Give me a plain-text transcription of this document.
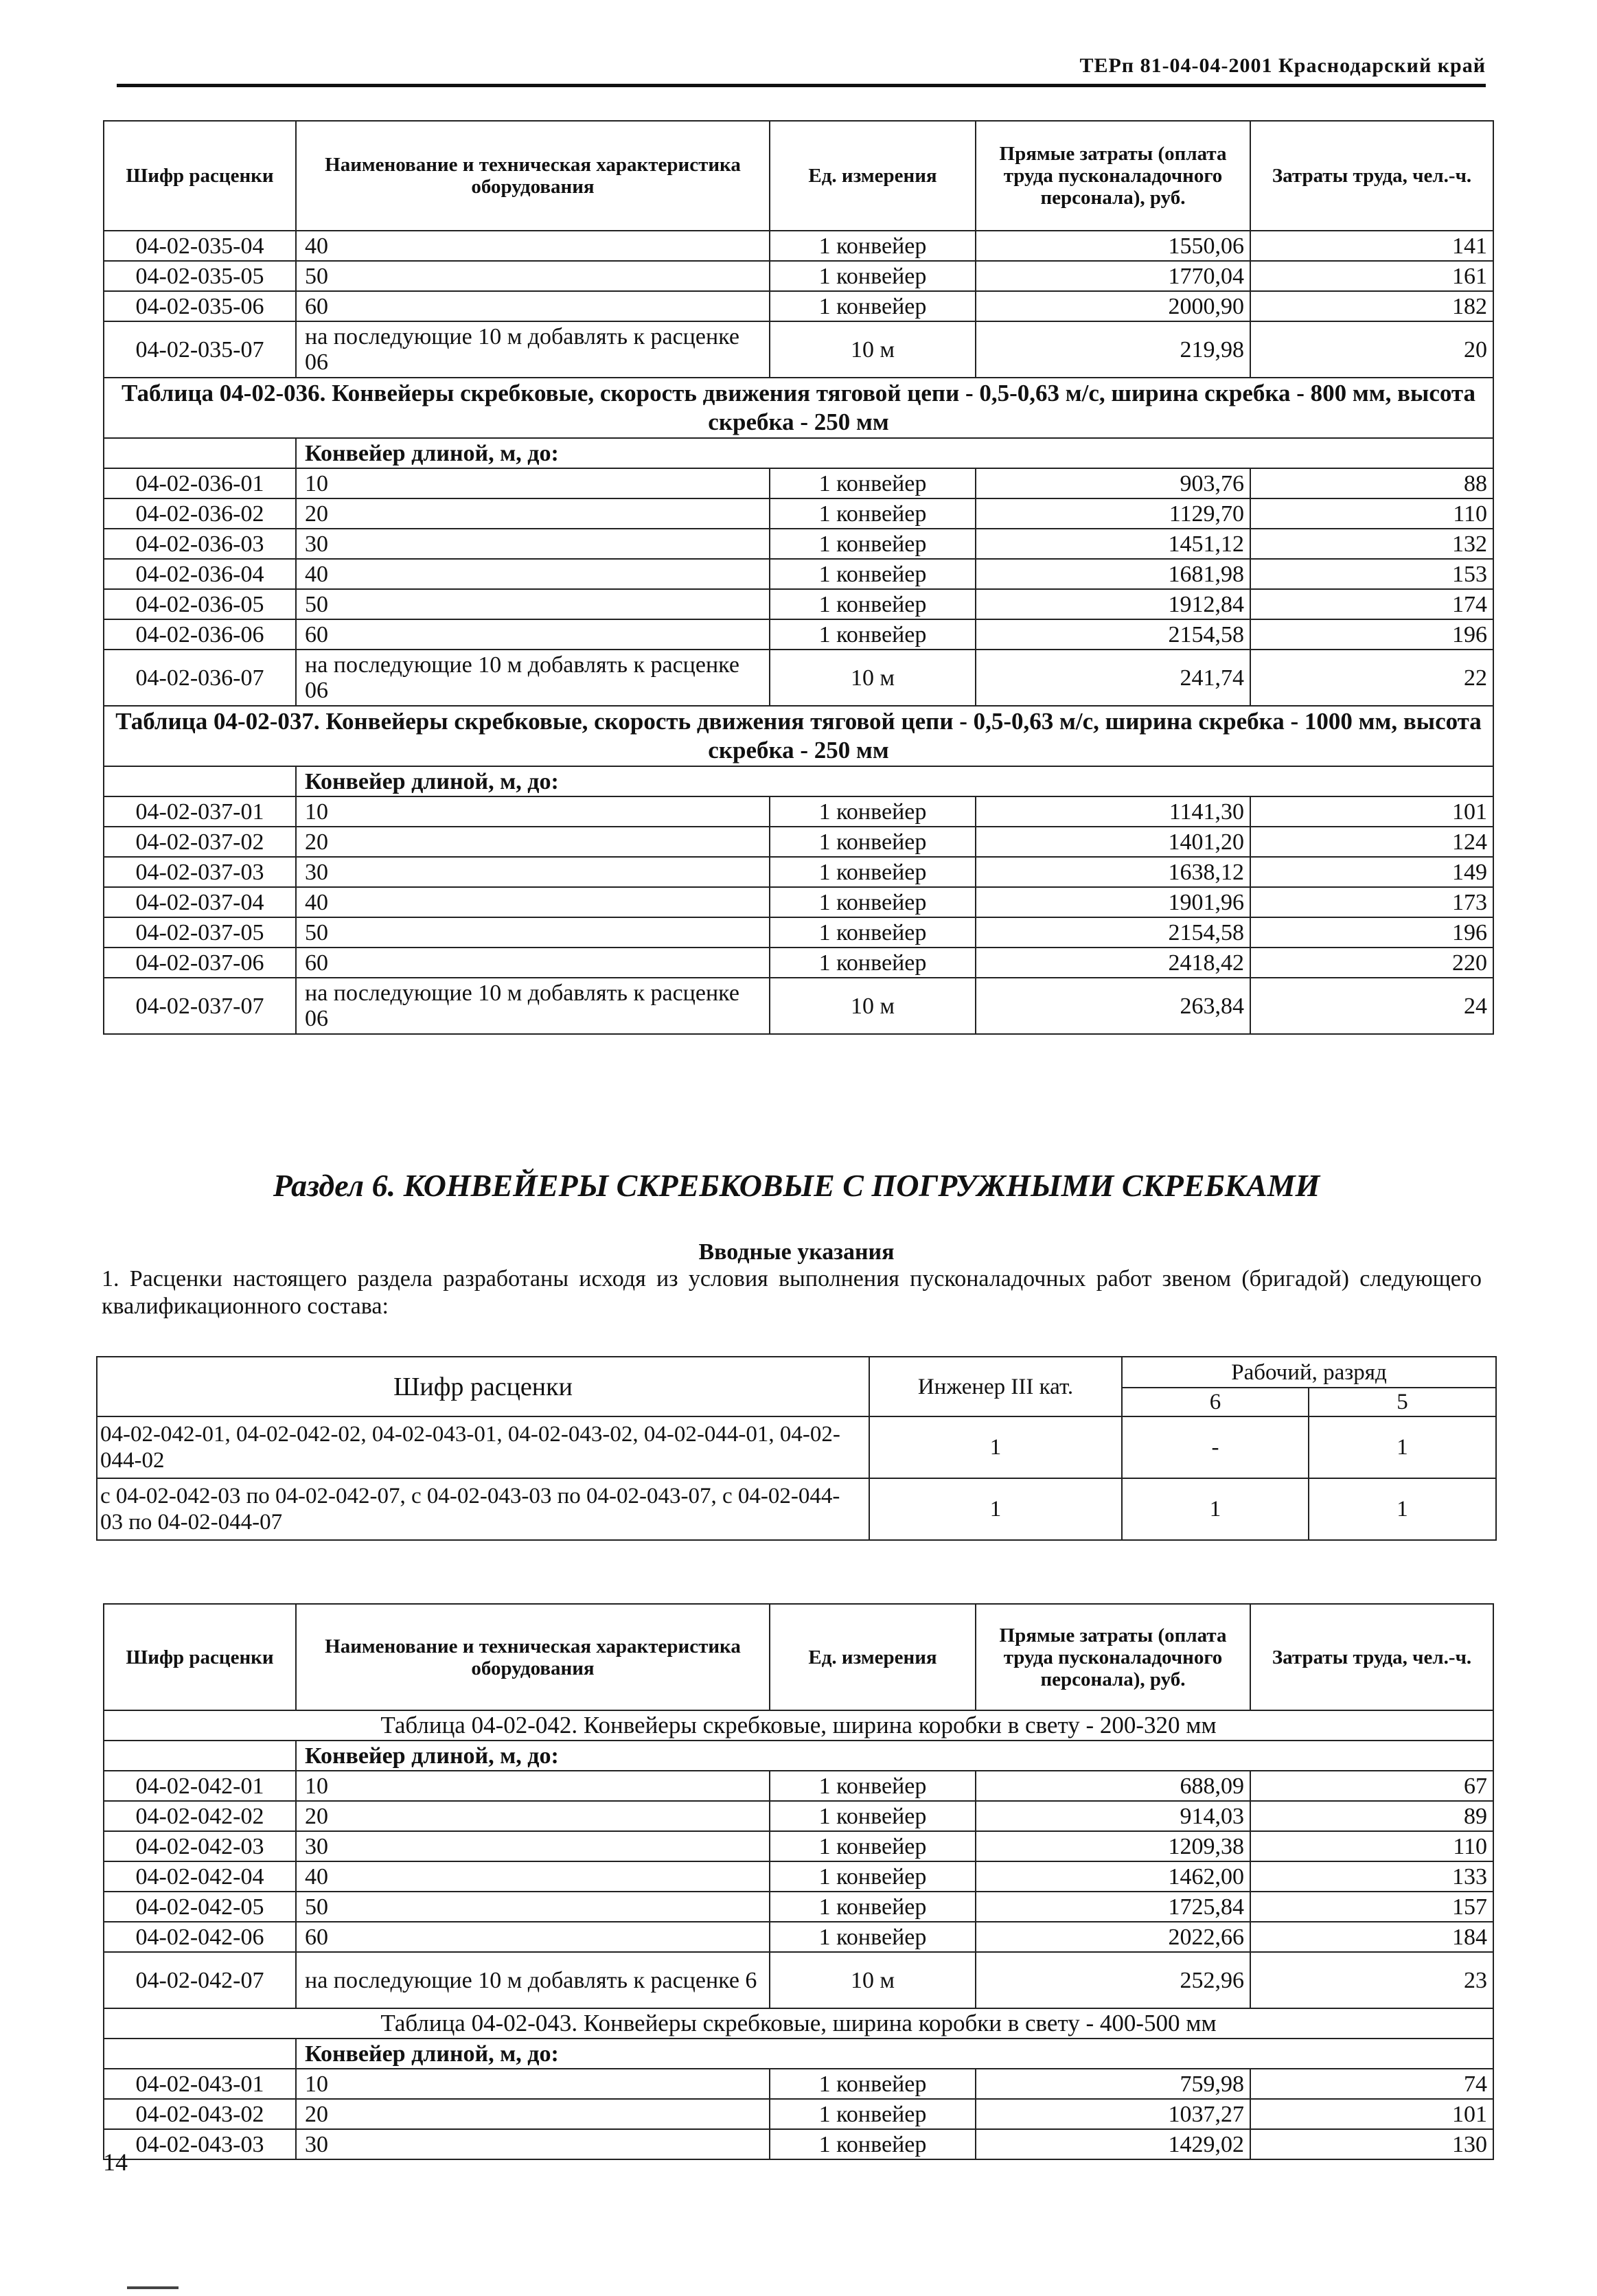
ТЕРп 81-04-04-2001 Краснодарский край
Шифр расценки	Наименование и техническая характеристика оборудования	Ед. измерения	Прямые затраты (оплата труда пусконаладочного персонала), руб.	Затраты труда, чел.-ч.
04-02-035-04	40	1 конвейер	1550,06	141
04-02-035-05	50	1 конвейер	1770,04	161
04-02-035-06	60	1 конвейер	2000,90	182
04-02-035-07	на последующие 10 м добавлять к расценке 06	10 м	219,98	20
Таблица 04-02-036. Конвейеры скребковые, скорость движения тяговой цепи - 0,5-0,63 м/с, ширина скребка - 800 мм, высота скребка - 250 мм				
	Конвейер длиной, м, до:			
04-02-036-01	10	1 конвейер	903,76	88
04-02-036-02	20	1 конвейер	1129,70	110
04-02-036-03	30	1 конвейер	1451,12	132
04-02-036-04	40	1 конвейер	1681,98	153
04-02-036-05	50	1 конвейер	1912,84	174
04-02-036-06	60	1 конвейер	2154,58	196
04-02-036-07	на последующие 10 м добавлять к расценке 06	10 м	241,74	22
Таблица 04-02-037. Конвейеры скребковые, скорость движения тяговой цепи - 0,5-0,63 м/с, ширина скребка - 1000 мм, высота скребка - 250 мм				
	Конвейер длиной, м, до:			
04-02-037-01	10	1 конвейер	1141,30	101
04-02-037-02	20	1 конвейер	1401,20	124
04-02-037-03	30	1 конвейер	1638,12	149
04-02-037-04	40	1 конвейер	1901,96	173
04-02-037-05	50	1 конвейер	2154,58	196
04-02-037-06	60	1 конвейер	2418,42	220
04-02-037-07	на последующие 10 м добавлять к расценке 06	10 м	263,84	24
Раздел 6. КОНВЕЙЕРЫ СКРЕБКОВЫЕ С ПОГРУЖНЫМИ СКРЕБКАМИ
Вводные указания
1. Расценки настоящего раздела разработаны исходя из условия выполнения пусконаладочных работ звеном (бригадой) следующего квалификационного состава:
Шифр расценки	Инженер III кат.	Рабочий, разряд	
		6	5
04-02-042-01, 04-02-042-02, 04-02-043-01, 04-02-043-02, 04-02-044-01, 04-02-044-02	1	-	1
с 04-02-042-03 по 04-02-042-07, с 04-02-043-03 по 04-02-043-07, с 04-02-044-03 по 04-02-044-07	1	1	1
Шифр расценки	Наименование и техническая характеристика оборудования	Ед. измерения	Прямые затраты (оплата труда пусконаладочного персонала), руб.	Затраты труда, чел.-ч.
Таблица 04-02-042. Конвейеры скребковые, ширина коробки в свету - 200-320 мм				
	Конвейер длиной, м, до:			
04-02-042-01	10	1 конвейер	688,09	67
04-02-042-02	20	1 конвейер	914,03	89
04-02-042-03	30	1 конвейер	1209,38	110
04-02-042-04	40	1 конвейер	1462,00	133
04-02-042-05	50	1 конвейер	1725,84	157
04-02-042-06	60	1 конвейер	2022,66	184
04-02-042-07	на последующие 10 м добавлять к расценке 6	10 м	252,96	23
Таблица 04-02-043. Конвейеры скребковые, ширина коробки в свету - 400-500 мм				
	Конвейер длиной, м, до:			
04-02-043-01	10	1 конвейер	759,98	74
04-02-043-02	20	1 конвейер	1037,27	101
04-02-043-03	30	1 конвейер	1429,02	130
14
